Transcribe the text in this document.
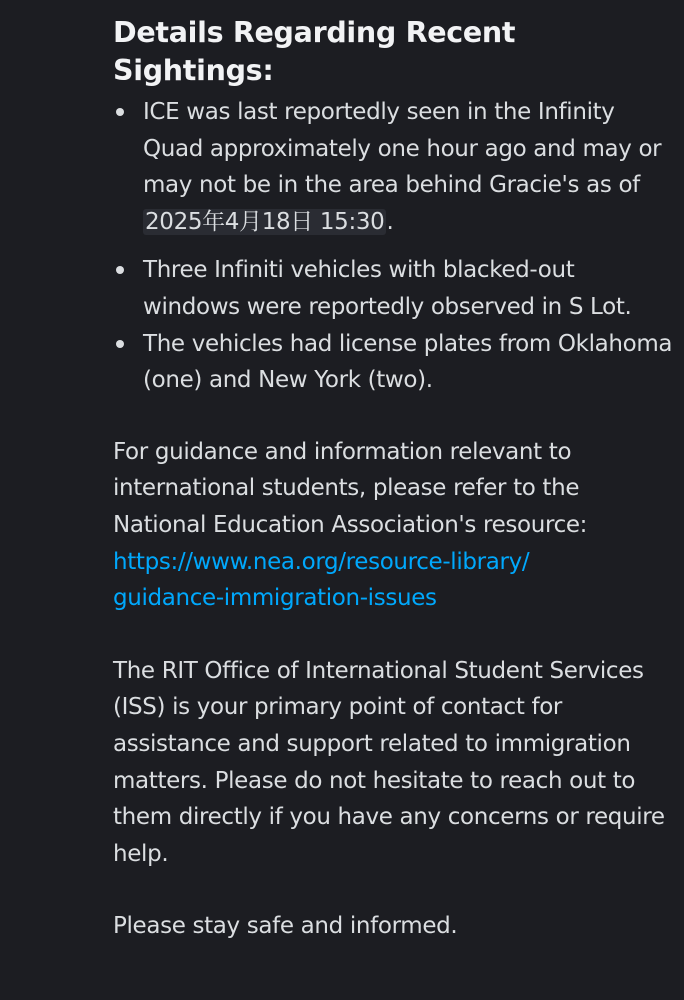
Details Regarding Recent Sightings:
ICE was last reportedly seen in the Infinity Quad approximately one hour ago and may or may not be in the area behind Gracie's as of 2025年4月18日 15:30.
Three Infiniti vehicles with blacked-out windows were reportedly observed in S Lot.
The vehicles had license plates from Oklahoma (one) and New York (two).

For guidance and information relevant to international students, please refer to the National Education Association's resource:
https://www.nea.org/resource-library/
guidance-immigration-issues

The RIT Office of International Student Services (ISS) is your primary point of contact for assistance and support related to immigration matters. Please do not hesitate to reach out to them directly if you have any concerns or require help.

Please stay safe and informed.
